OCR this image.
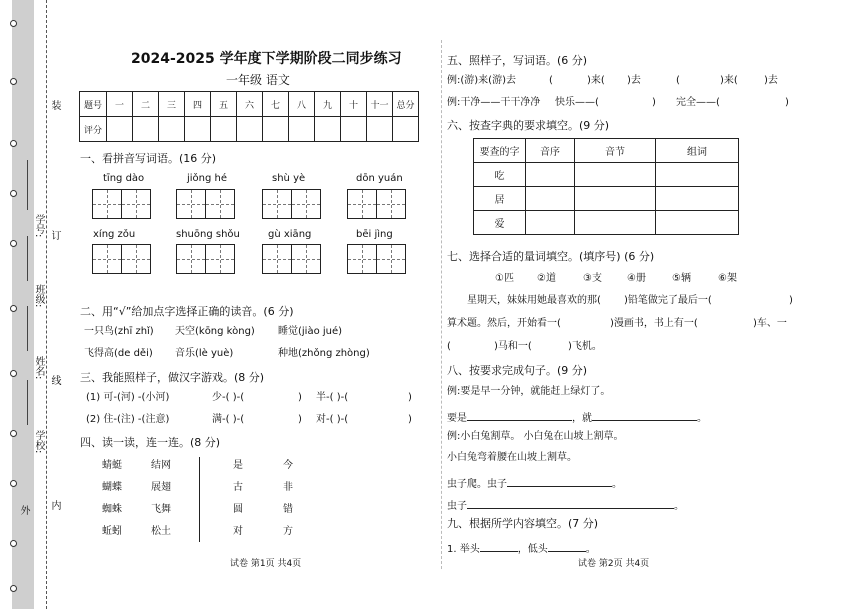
学号:
班级:
姓名:
学校:
装
订
线
内
外
2024-2025 学年度下学期阶段二同步练习
一年级 语文
题号	一	二	三	四	五	六	七	八	九	十	十一	总分
评分												
一、看拼音写词语。(16 分)
tīng dào	jiǒng hé	shù yè	dōn yuán
xíng zǒu	shuōng shǒu	gù xiāng	bēi jìng
二、用“√”给加点字选择正确的读音。(6 分)
一只鸟(zhī zhǐ) 天空(kōng kòng) 睡觉(jiào jué)
飞得高(de děi) 音乐(lè yuè)	种地(zhǒng zhòng)
三、我能照样子，做汉字游戏。(8 分)
(1) 可-(河) -(小河)	少-( )-(	) 半-( )-(	)
(2) 住-(注) -(注意)	满-( )-(	) 对-( )-(	)
四、读一读，连一连。(8 分)
蜻蜓
蝴蝶
蜘蛛
蚯蚓
结网
展翅
飞舞
松土
是
古
圆
对
今
非
错
方
试卷 第1页 共4页
五、照样子，写词语。(6 分)
例:(游)来(游)去	(	)来( )去	(	)来(	)去
例:干净——干干净净 快乐——(	) 完全——(	)
六、按查字典的要求填空。(9 分)
要查的字	音序	音节	组词
吃			
居			
爱			
七、选择合适的量词填空。(填序号) (6 分)
①匹 ②道	③支	④册	⑤辆	⑥架
星期天，妹妹用她最喜欢的那( )铅笔做完了最后一(	)
算术题。然后，开始看一(	)漫画书，书上有一(	)车、一
(	)马和一(	)飞机。
八、按要求完成句子。(9 分)
例:要是早一分钟，就能赶上绿灯了。
要是	，就	。
例:小白兔割草。 小白兔在山坡上割草。
小白兔弯着腰在山坡上割草。
虫子爬。虫子	。
虫子	。
九、根据所学内容填空。(7 分)
1. 举头	，低头	。
试卷 第2页 共4页
